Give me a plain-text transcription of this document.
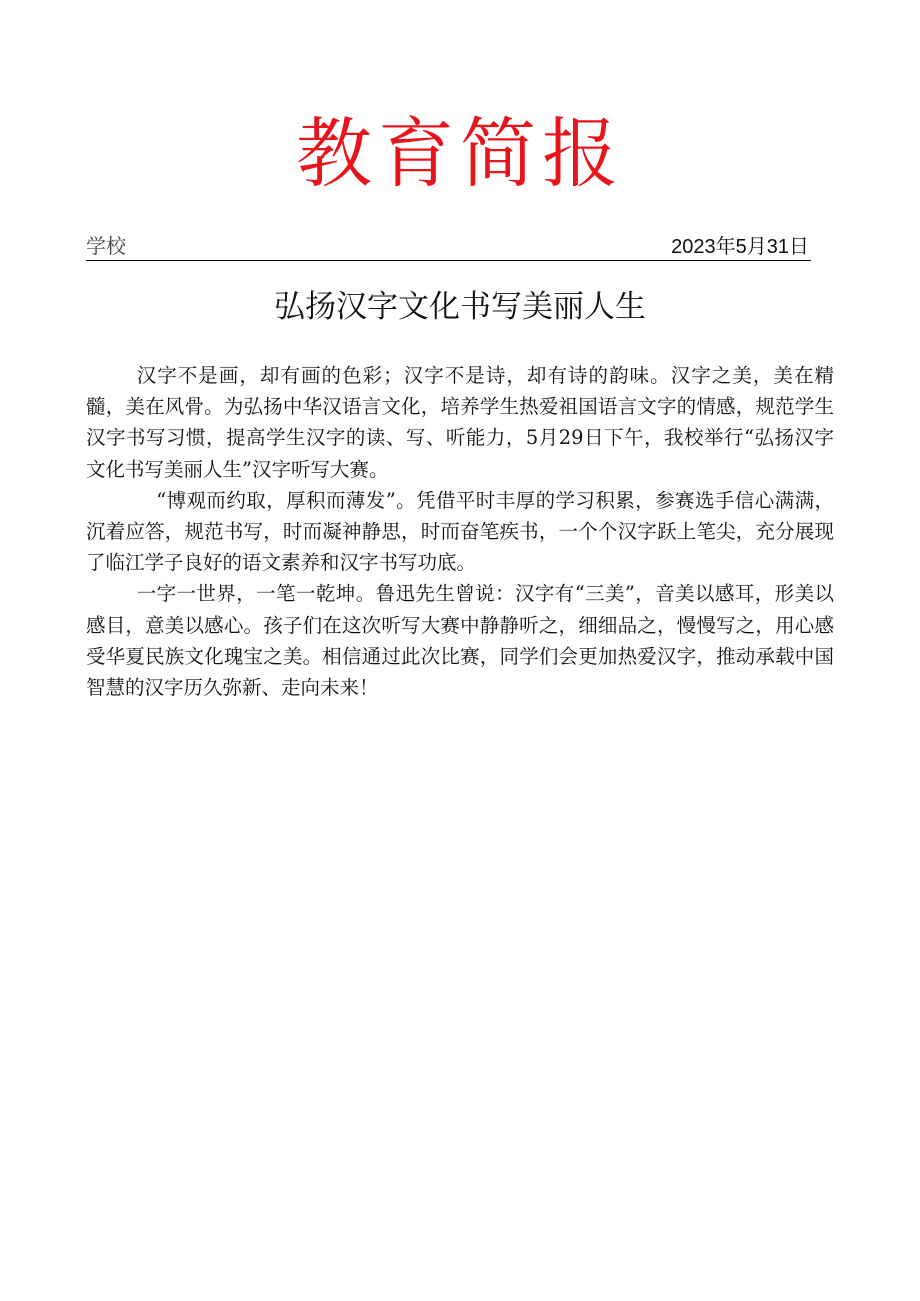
教育简报
学校	2023年5月31日
弘扬汉字文化书写美丽人生

汉字不是画，却有画的色彩；汉字不是诗，却有诗的韵味。汉字之美，美在精髓，美在风骨。为弘扬中华汉语言文化，培养学生热爱祖国语言文字的情感，规范学生汉字书写习惯，提高学生汉字的读、写、听能力，5月29日下午，我校举行“弘扬汉字文化书写美丽人生”汉字听写大赛。

“博观而约取，厚积而薄发”。凭借平时丰厚的学习积累，参赛选手信心满满，沉着应答，规范书写，时而凝神静思，时而奋笔疾书，一个个汉字跃上笔尖，充分展现了临江学子良好的语文素养和汉字书写功底。

一字一世界，一笔一乾坤。鲁迅先生曾说：汉字有“三美”，音美以感耳，形美以感目，意美以感心。孩子们在这次听写大赛中静静听之，细细品之，慢慢写之，用心感受华夏民族文化瑰宝之美。相信通过此次比赛，同学们会更加热爱汉字，推动承载中国智慧的汉字历久弥新、走向未来！
